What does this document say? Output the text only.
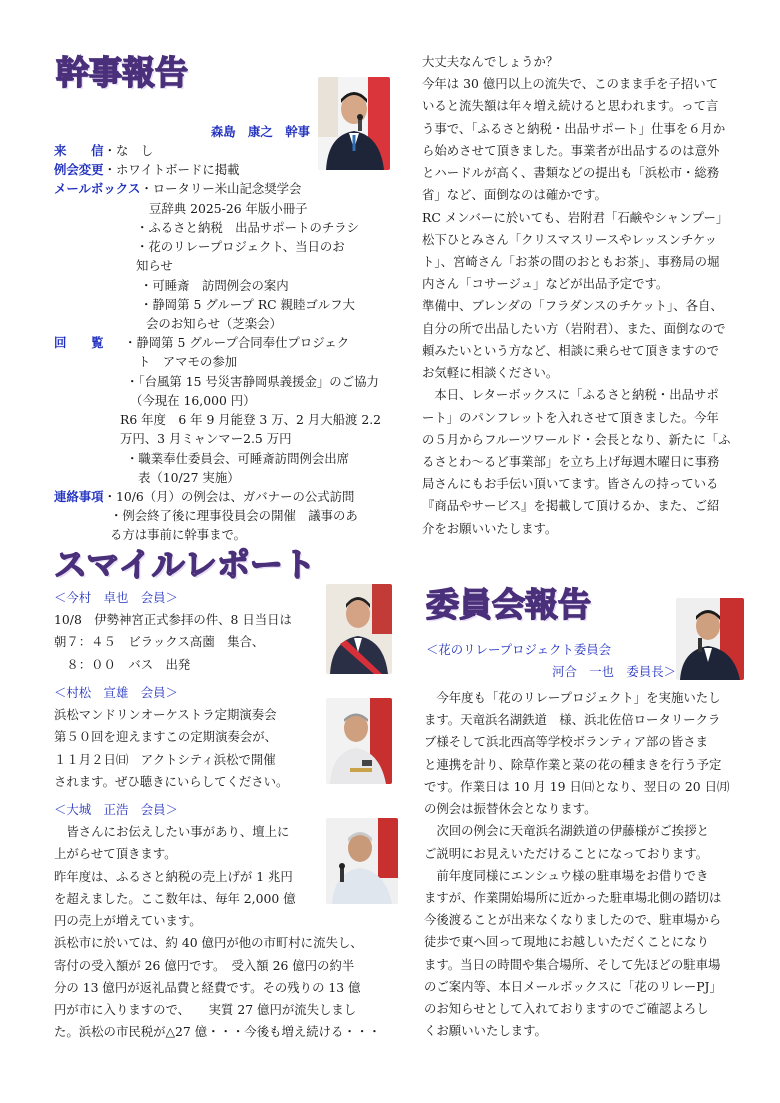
幹事報告
森島　康之　幹事
来　　信 ・な　し
例会変更 ・ホワイトボードに掲載
メールボックス ・ロータリー米山記念奨学会
豆辞典 2025-26 年版小冊子
・ふるさと納税　出品サポートのチラシ
・花のリレープロジェクト、当日のお
知らせ
・可睡斎　訪問例会の案内
・静岡第 5 グループ RC 親睦ゴルフ大
会のお知らせ（芝楽会）
回　　覧	・静岡第 5 グループ合同奉仕プロジェク
ト　アマモの参加
・「台風第 15 号災害静岡県義援金」のご協力
（今現在 16,000 円）
R6 年度　6 年 9 月能登 3 万、2 月大船渡 2.2
万円、3 月ミャンマー2.5 万円
・職業奉仕委員会、可睡斎訪問例会出席
表（10/27 実施）
連絡事項 ・10/6（月）の例会は、ガバナーの公式訪問
・例会終了後に理事役員会の開催　議事のあ
る方は事前に幹事まで。
スマイルレポート
＜今村　卓也　会員＞
10/8　伊勢神宮正式参拝の件、8 日当日は
朝７：４５　ビラックス高薗　集合、
　８：００　バス　出発
＜村松　宣雄　会員＞
浜松マンドリンオーケストラ定期演奏会
第５０回を迎えますこの定期演奏会が、
１１月２日㈰　アクトシティ浜松で開催
されます。ぜひ聴きにいらしてください。
＜大城　正浩　会員＞
　皆さんにお伝えしたい事があり、壇上に
上がらせて頂きます。
昨年度は、ふるさと納税の売上げが 1 兆円
を超えました。ここ数年は、毎年 2,000 億
円の売上が増えています。
浜松市に於いては、約 40 億円が他の市町村に流失し、
寄付の受入額が 26 億円です。　受入額 26 億円の約半
分の 13 億円が返礼品費と経費です。その残りの 13 億
円が市に入りますので、　　実質 27 億円が流失しまし
た。浜松の市民税が△27 億・・・今後も増え続ける・・・
大丈夫なんでしょうか？
今年は 30 億円以上の流失で、このまま手を子招いて
いると流失額は年々増え続けると思われます。って言
う事で、「ふるさと納税・出品サポート」仕事を６月か
ら始めさせて頂きました。事業者が出品するのは意外
とハードルが高く、書類などの提出も「浜松市・総務
省」など、面倒なのは確かです。
RC メンバーに於いても、岩附君「石鹸やシャンプー」
松下ひとみさん「クリスマスリースやレッスンチケッ
ト」、宮崎さん「お茶の間のおともお茶」、事務局の堀
内さん「コサージュ」などが出品予定です。
準備中、ブレンダの「フラダンスのチケット」、各自、
自分の所で出品したい方（岩附君）、また、面倒なので
頼みたいという方など、相談に乗らせて頂きますので
お気軽に相談ください。
　本日、レターボックスに「ふるさと納税・出品サポ
ート」のパンフレットを入れさせて頂きました。今年
の５月からフルーツワールド・会長となり、新たに「ふ
るさとわ～るど事業部」を立ち上げ毎週木曜日に事務
局さんにもお手伝い頂いてます。皆さんの持っている
『商品やサービス』を掲載して頂けるか、また、ご紹
介をお願いいたします。
委員会報告
＜花のリレープロジェクト委員会
河合　一也　委員長＞
　今年度も「花のリレープロジェクト」を実施いたし
ます。天竜浜名湖鉄道　様、浜北佐倍ロータリークラ
ブ様そして浜北西高等学校ボランティア部の皆さま
と連携を計り、除草作業と菜の花の種まきを行う予定
です。作業日は 10 月 19 日㈰となり、翌日の 20 日㈪
の例会は振替休会となります。
　次回の例会に天竜浜名湖鉄道の伊藤様がご挨拶と
ご説明にお見えいただけることになっております。
　前年度同様にエンシュウ様の駐車場をお借りでき
ますが、作業開始場所に近かった駐車場北側の踏切は
今後渡ることが出来なくなりましたので、駐車場から
徒歩で東へ回って現地にお越しいただくことになり
ます。当日の時間や集合場所、そして先ほどの駐車場
のご案内等、本日メールボックスに「花のリレーPJ」
のお知らせとして入れておりますのでご確認よろし
くお願いいたします。
